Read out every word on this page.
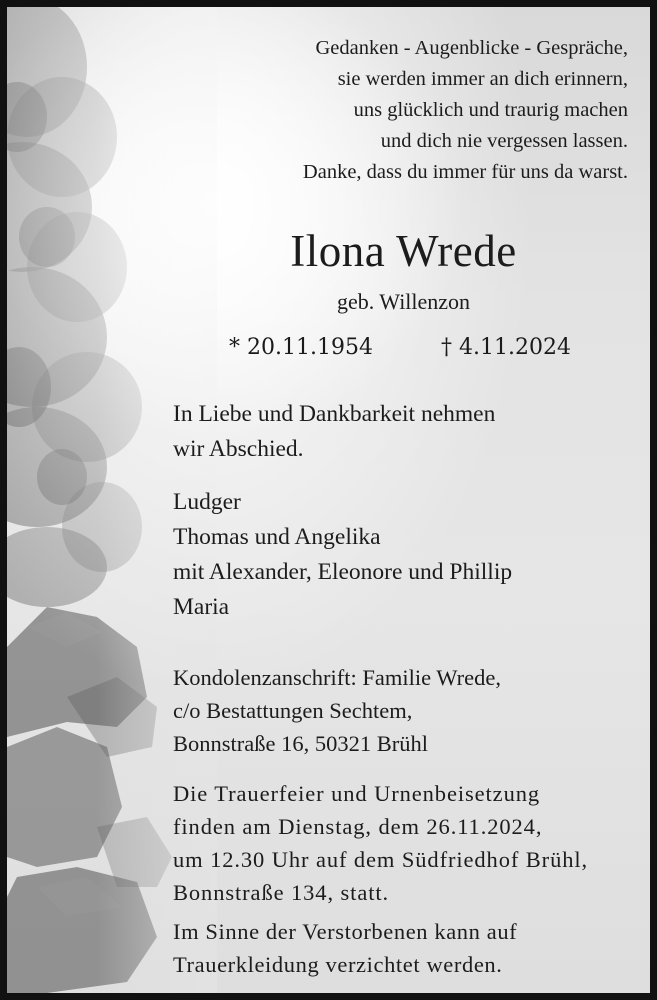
Gedanken - Augenblicke - Gespräche,
sie werden immer an dich erinnern,
uns glücklich und traurig machen
und dich nie vergessen lassen.
Danke, dass du immer für uns da warst.
Ilona Wrede
geb. Willenzon
* 20.11.1954	† 4.11.2024
In Liebe und Dankbarkeit nehmen
wir Abschied.
Ludger
Thomas und Angelika
mit Alexander, Eleonore und Phillip
Maria
Kondolenzanschrift: Familie Wrede,
c/o Bestattungen Sechtem,
Bonnstraße 16, 50321 Brühl
Die Trauerfeier und Urnenbeisetzung
finden am Dienstag, dem 26.11.2024,
um 12.30 Uhr auf dem Südfriedhof Brühl,
Bonnstraße 134, statt.
Im Sinne der Verstorbenen kann auf
Trauerkleidung verzichtet werden.
